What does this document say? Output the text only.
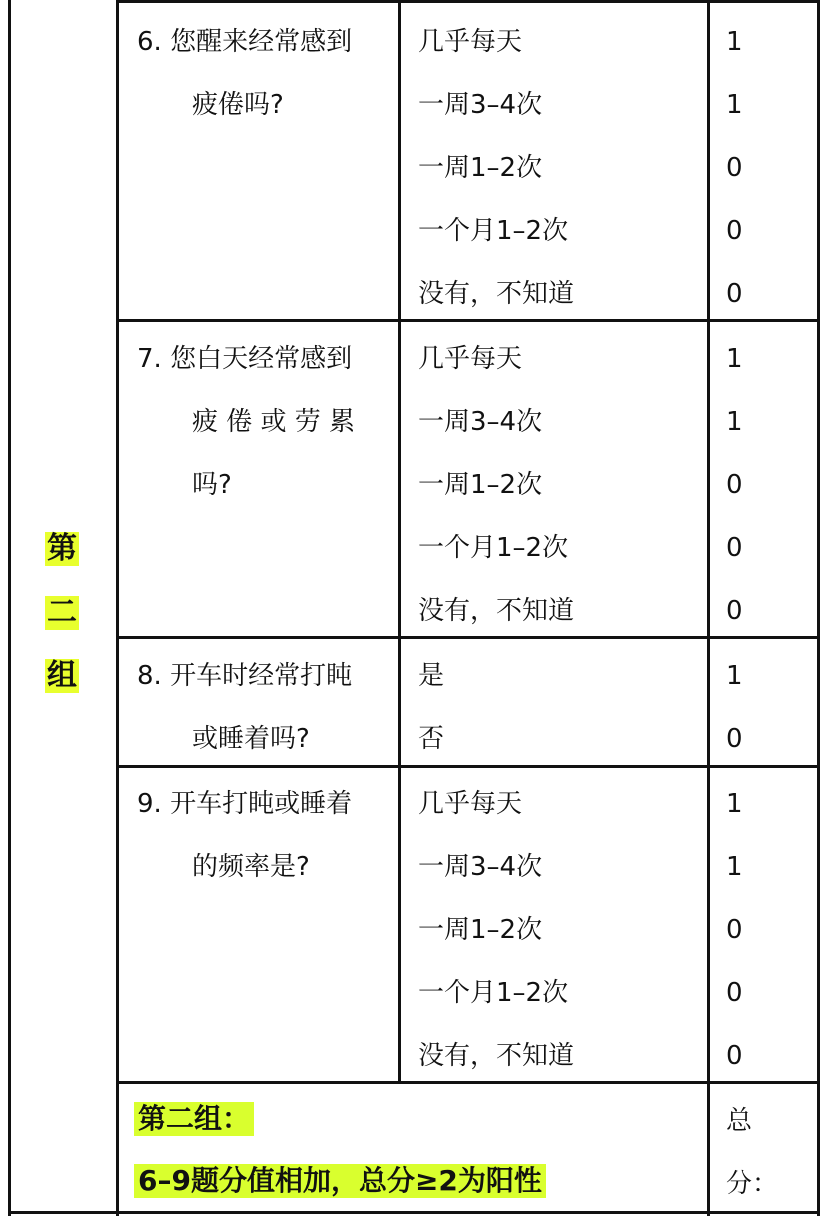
第
二
组
6. 您醒来经常感到
疲倦吗?
几乎每天
一周3–4次
一周1–2次
一个月1–2次
没有，不知道
1
1
0
0
0
7. 您白天经常感到
疲 倦 或 劳 累
吗?
几乎每天
一周3–4次
一周1–2次
一个月1–2次
没有，不知道
1
1
0
0
0
8. 开车时经常打盹
或睡着吗?
是
否
1
0
9. 开车打盹或睡着
的频率是?
几乎每天
一周3–4次
一周1–2次
一个月1–2次
没有，不知道
1
1
0
0
0
第二组：
6–9题分值相加，总分≥2为阳性
总
分：
